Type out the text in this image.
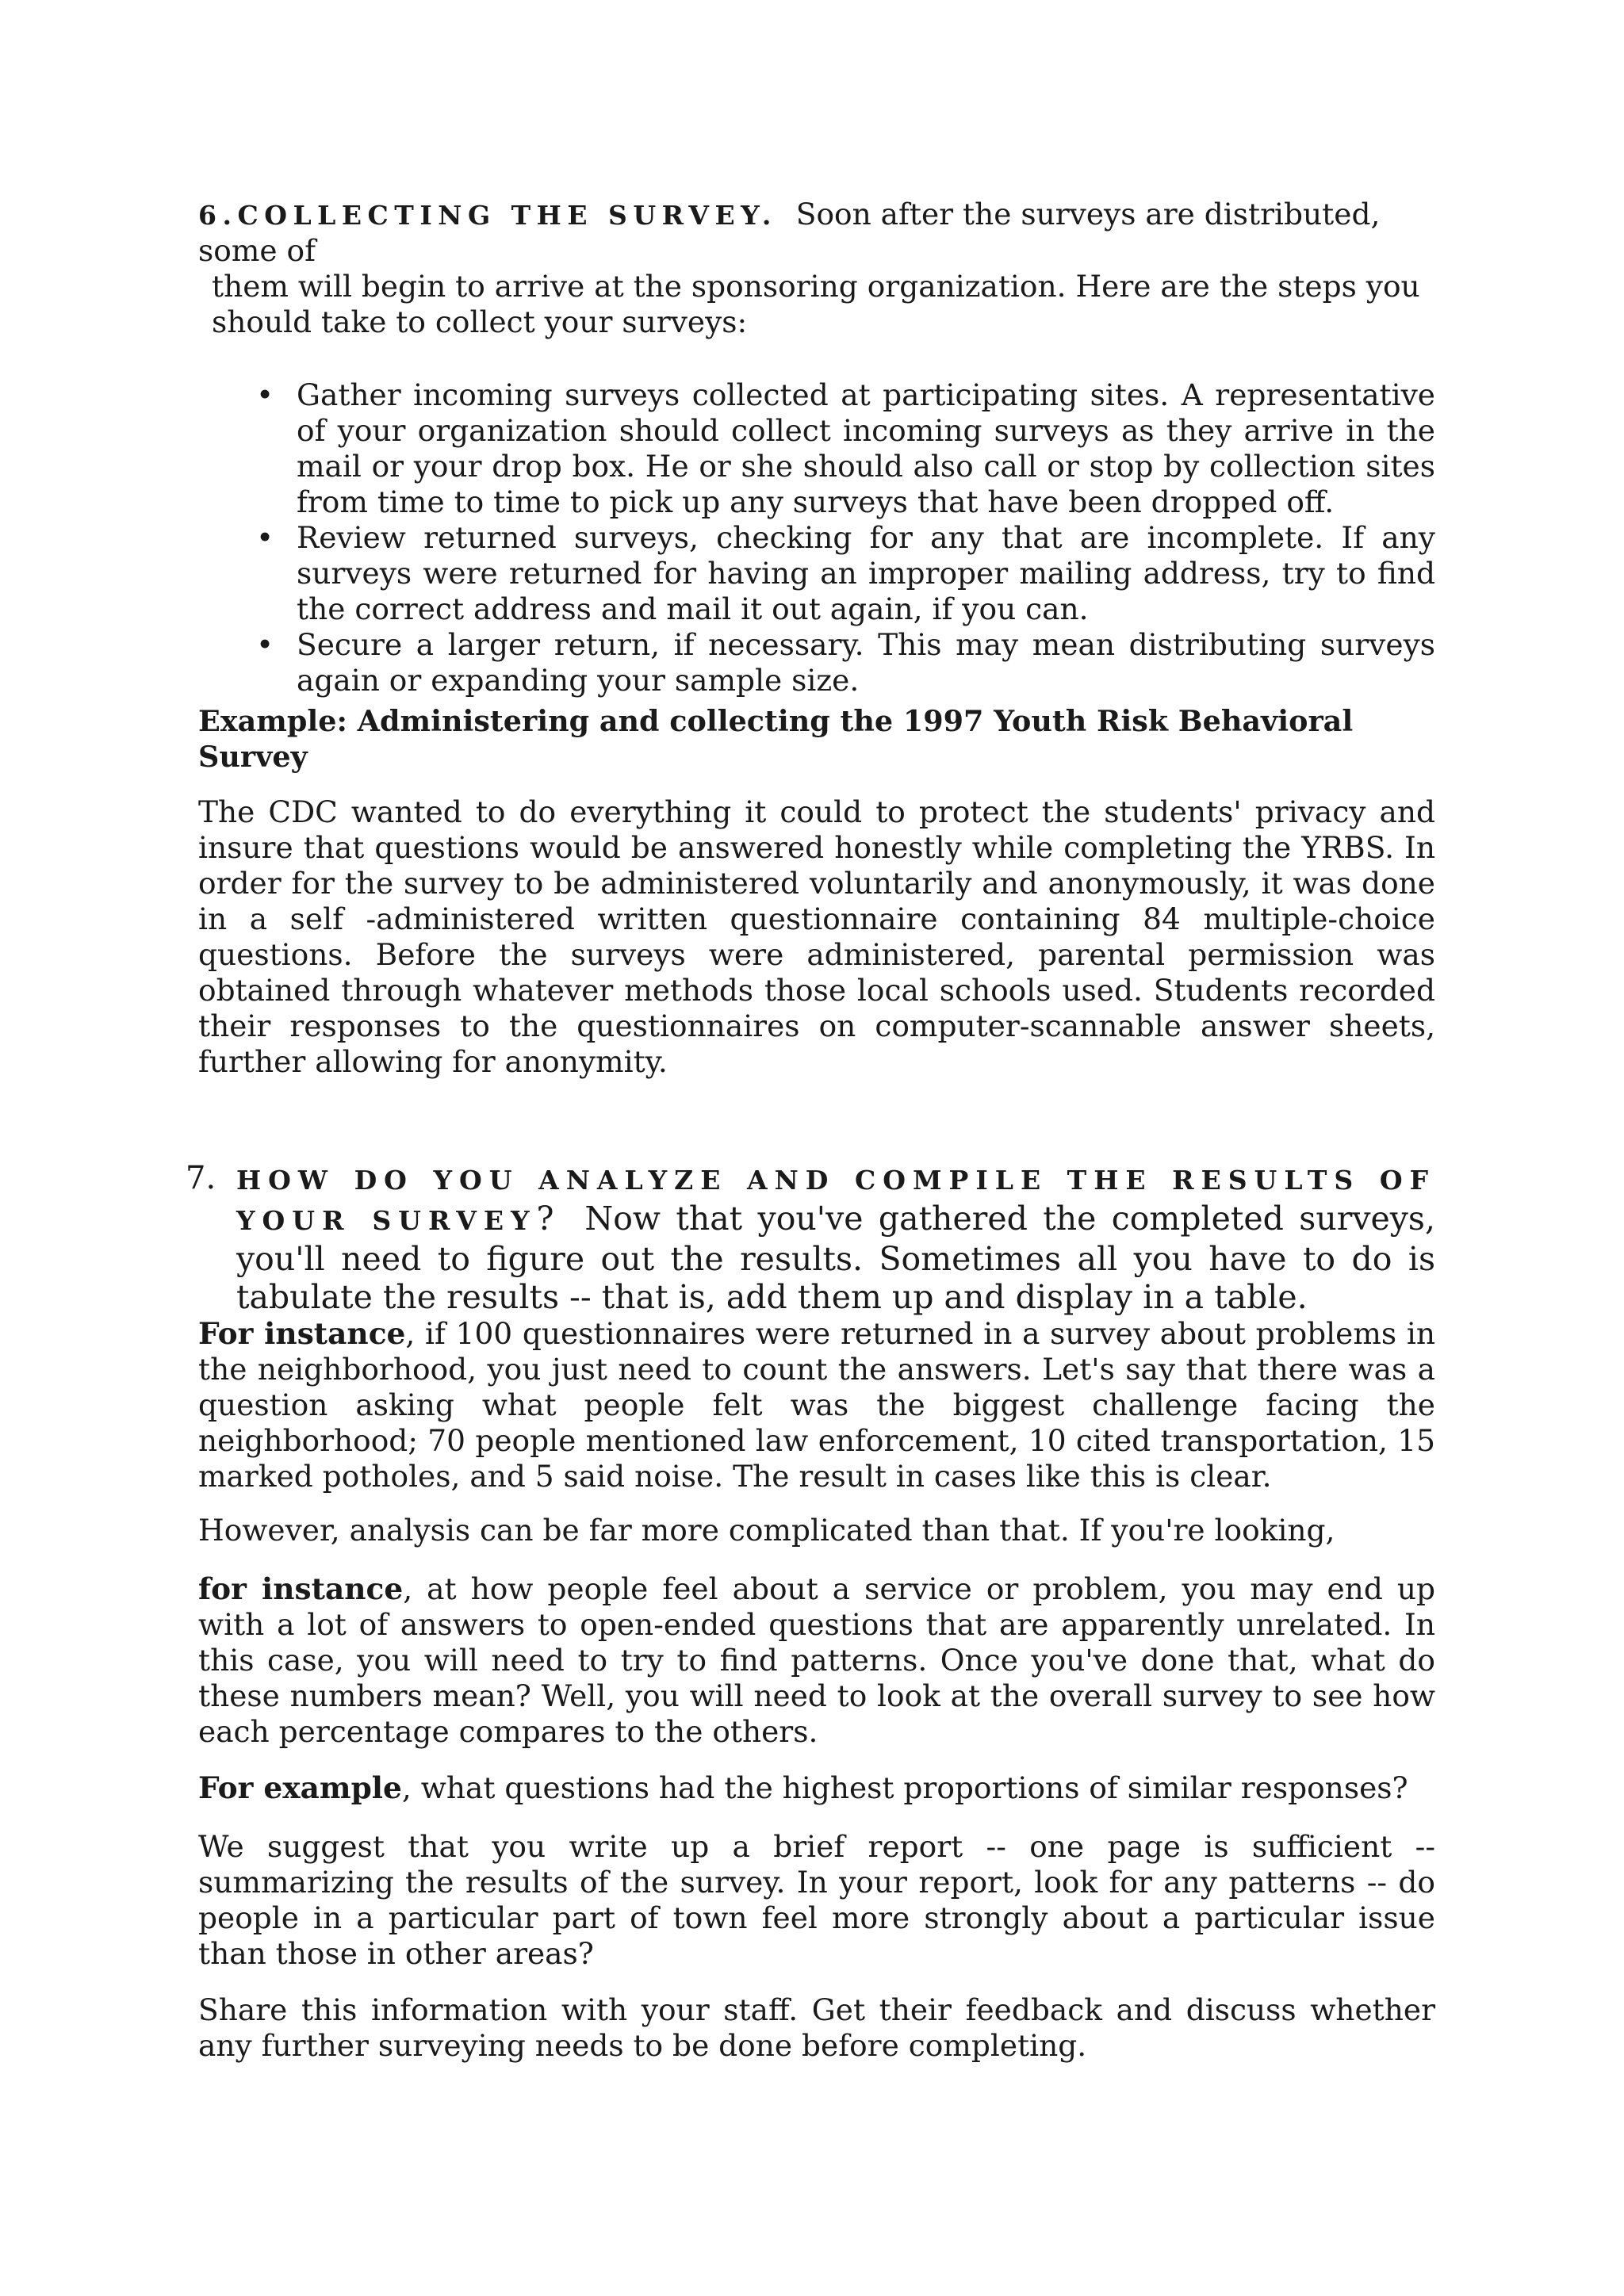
6.COLLECTING THE SURVEY. Soon after the surveys are distributed, some of

them will begin to arrive at the sponsoring organization. Here are the steps you

should take to collect your surveys:

• Gather incoming surveys collected at participating sites. A representative of your organization should collect incoming surveys as they arrive in the mail or your drop box. He or she should also call or stop by collection sites from time to time to pick up any surveys that have been dropped off.
• Review returned surveys, checking for any that are incomplete. If any surveys were returned for having an improper mailing address, try to find the correct address and mail it out again, if you can.
• Secure a larger return, if necessary. This may mean distributing surveys again or expanding your sample size.
Example: Administering and collecting the 1997 Youth Risk Behavioral Survey

The CDC wanted to do everything it could to protect the students' privacy and insure that questions would be answered honestly while completing the YRBS. In order for the survey to be administered voluntarily and anonymously, it was done in a self -administered written questionnaire containing 84 multiple-choice questions. Before the surveys were administered, parental permission was obtained through whatever methods those local schools used. Students recorded their responses to the questionnaires on computer-scannable answer sheets, further allowing for anonymity.

7. HOW DO YOU ANALYZE AND COMPILE THE RESULTS OF YOUR SURVEY? Now that you've gathered the completed surveys, you'll need to figure out the results. Sometimes all you have to do is tabulate the results -- that is, add them up and display in a table.

For instance, if 100 questionnaires were returned in a survey about problems in the neighborhood, you just need to count the answers. Let's say that there was a question asking what people felt was the biggest challenge facing the neighborhood; 70 people mentioned law enforcement, 10 cited transportation, 15 marked potholes, and 5 said noise. The result in cases like this is clear.

However, analysis can be far more complicated than that. If you're looking,

for instance, at how people feel about a service or problem, you may end up with a lot of answers to open-ended questions that are apparently unrelated. In this case, you will need to try to find patterns. Once you've done that, what do these numbers mean? Well, you will need to look at the overall survey to see how each percentage compares to the others.

For example, what questions had the highest proportions of similar responses?

We suggest that you write up a brief report -- one page is sufficient -- summarizing the results of the survey. In your report, look for any patterns -- do people in a particular part of town feel more strongly about a particular issue than those in other areas?

Share this information with your staff. Get their feedback and discuss whether any further surveying needs to be done before completing.
